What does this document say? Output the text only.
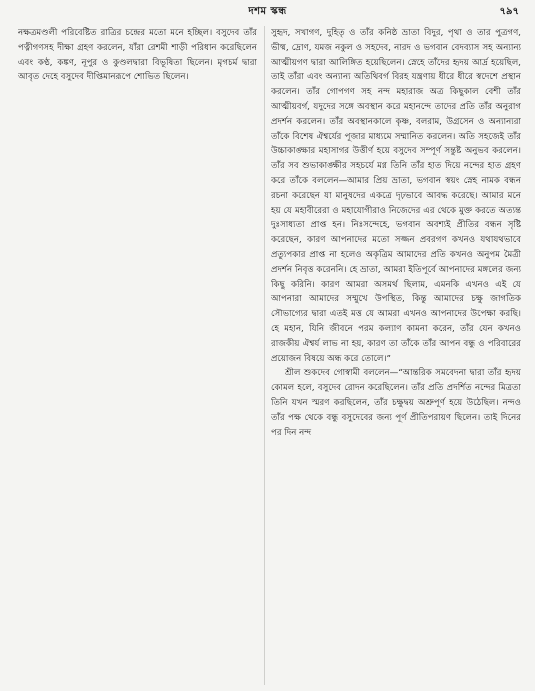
দশম স্কন্ধ	৭৯৭

নক্ষত্রমণ্ডলী পরিবেষ্টিত রাত্রির চন্দ্রের মতো মনে হচ্ছিল। বসুদেব তাঁর পত্নীগণসহ দীক্ষা গ্রহণ করলেন, যাঁরা রেশমী শাড়ী পরিধান করেছিলেন এবং কণ্ঠ, কঙ্কণ, নূপুর ও কুণ্ডলদ্বারা বিভূষিতা ছিলেন। মৃগচর্ম দ্বারা আবৃত দেহে বসুদেব দীপ্তিমানরূপে শোভিত ছিলেন।

সুহৃদ, সখাগণ, দুহিতৃ ও তাঁর কনিষ্ঠ ভ্রাতা বিদুর, পৃথা ও তার পুত্রগণ, ভীষ্ম, দ্রোণ, যমজ নকুল ও সহদেব, নারদ ও ভগবান বেদব্যাস সহ অন্যান্য আত্মীয়গণ দ্বারা আলিঙ্গিত হয়েছিলেন। স্নেহে তাঁদের হৃদয় আর্দ্র হয়েছিল, তাই তাঁরা এবং অন্যান্য অতিথিবর্গ বিরহ যন্ত্রণায় ধীরে ধীরে স্বদেশে প্রস্থান করলেন। তাঁর গোপগণ সহ নন্দ মহারাজ অত্র কিছুকাল বেশী তাঁর আত্মীয়বর্গ, যদুদের সঙ্গে অবস্থান করে মহানন্দে তাদের প্রতি তাঁর অনুরাগ প্রদর্শন করলেন। তাঁর অবস্থানকালে কৃষ্ণ, বলরাম, উগ্রসেন ও অন্যান্যরা তাঁকে বিশেষ ঐশ্বর্যের পূজার মাধ্যমে সম্মানিত করলেন। অতি সহজেই তাঁর উচ্চাকাঙ্ক্ষার মহাসাগর উত্তীর্ণ হয়ে বসুদেব সম্পূর্ণ সন্তুষ্ট অনুভব করলেন। তাঁর সব শুভাকাঙ্ক্ষীর সহচর্যে মগ্ন তিনি তাঁর হাত দিয়ে নন্দের হাত গ্রহণ করে তাঁকে বললেন—আমার প্রিয় ভ্রাতা, ভগবান স্বয়ং স্নেহ নামক বন্ধন রচনা করেছেন যা মানুষদের একত্রে দৃঢ়ভাবে আবদ্ধ করেছে। আমার মনে হয় যে মহাবীরেরা ও মহাযোগীরাও নিজেদের এর থেকে মুক্ত করতে অত্যন্ত দুঃসাধ্যতা প্রাপ্ত হন। নিঃসন্দেহে, ভগবান অবশ্যই প্রীতির বন্ধন সৃষ্টি করেছেন, কারণ আপনাদের মতো সজ্জন প্রবরগণ কখনও যথাযথভাবে প্রত্যুপকার প্রাপ্ত না হলেও অকৃত্রিম আমাদের প্রতি কখনও অনুপম মৈত্রী প্রদর্শন নিবৃত্ত করেননি। হে ভ্রাতা, আমরা ইতিপূর্বে আপনাদের মঙ্গলের জন্য কিছু করিনি। কারণ আমরা অসমর্থ ছিলাম, এমনকি এখনও এই যে আপনারা আমাদের সম্মুখে উপস্থিত, কিন্তু আমাদের চক্ষু জাগতিক সৌভাগ্যের দ্বারা এতই মত্ত যে আমরা এখনও আপনাদের উপেক্ষা করছি। হে মহান, যিনি জীবনে পরম কল্যাণ কামনা করেন, তাঁর যেন কখনও রাজকীয় ঐশ্বর্য লাভ না হয়, কারণ তা তাঁকে তাঁর আপন বন্ধু ও পরিবারের প্রয়োজন বিষয়ে অন্ধ করে তোলে।”

শ্রীল শুকদেব গোস্বামী বললেন—“আন্তরিক সমবেদনা দ্বারা তাঁর হৃদয় কোমল হলে, বসুদেব রোদন করেছিলেন। তাঁর প্রতি প্রদর্শিত নন্দের মিত্রতা তিনি যখন স্মরণ করছিলেন, তাঁর চক্ষুদ্বয় অশ্রুপূর্ণ হয়ে উঠেছিল। নন্দও তাঁর পক্ষ থেকে বন্ধু বসুদেবের জন্য পূর্ণ প্রীতিপরায়ণ ছিলেন। তাই দিনের পর দিন নন্দ
